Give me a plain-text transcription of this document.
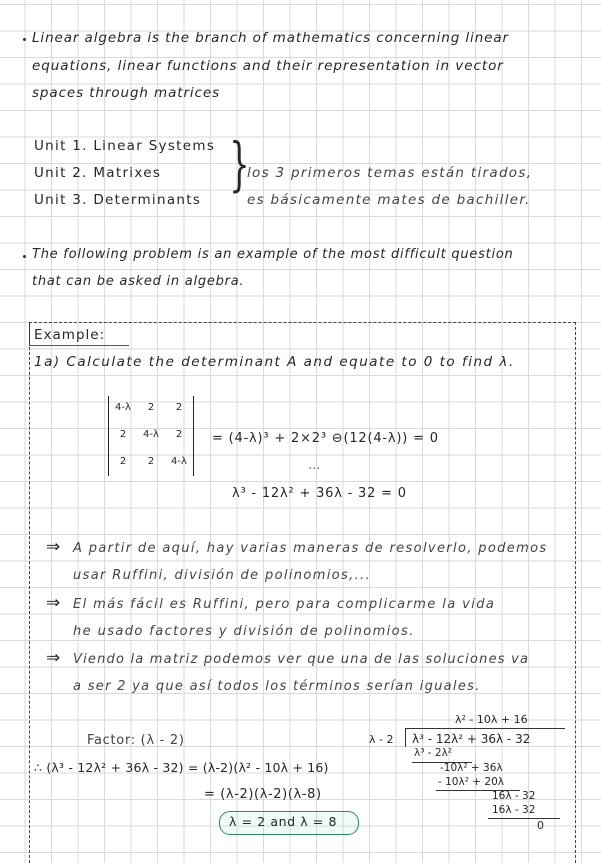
Linear algebra is the branch of mathematics concerning linear
equations, linear functions and their representation in vector
spaces through matrices
Unit 1. Linear Systems
Unit 2. Matrixes
Unit 3. Determinants
}
los 3 primeros temas están tirados,
es básicamente mates de bachiller.
The following problem is an example of the most difficult question
that can be asked in algebra.
Example:
1a) Calculate the determinant A and equate to 0 to find λ.
4-λ	2	2
2	4-λ	2
2	2	4-λ
= (4-λ)³ + 2×2³ ⊖(12(4-λ)) = 0
...
λ³ - 12λ² + 36λ - 32 = 0
⇒ A partir de aquí, hay varias maneras de resolverlo, podemos
usar Ruffini, división de polinomios,...
⇒ El más fácil es Ruffini, pero para complicarme la vida
he usado factores y división de polinomios.
⇒ Viendo la matriz podemos ver que una de las soluciones va
a ser 2 ya que así todos los términos serían iguales.
Factor: (λ - 2)
∴ (λ³ - 12λ² + 36λ - 32) = (λ-2)(λ² - 10λ + 16)
= (λ-2)(λ-2)(λ-8)
λ = 2 and λ = 8
λ² - 10λ + 16
λ - 2 λ³ - 12λ² + 36λ - 32
λ³ - 2λ²
-10λ² + 36λ
- 10λ² + 20λ
16λ - 32
16λ - 32
0
